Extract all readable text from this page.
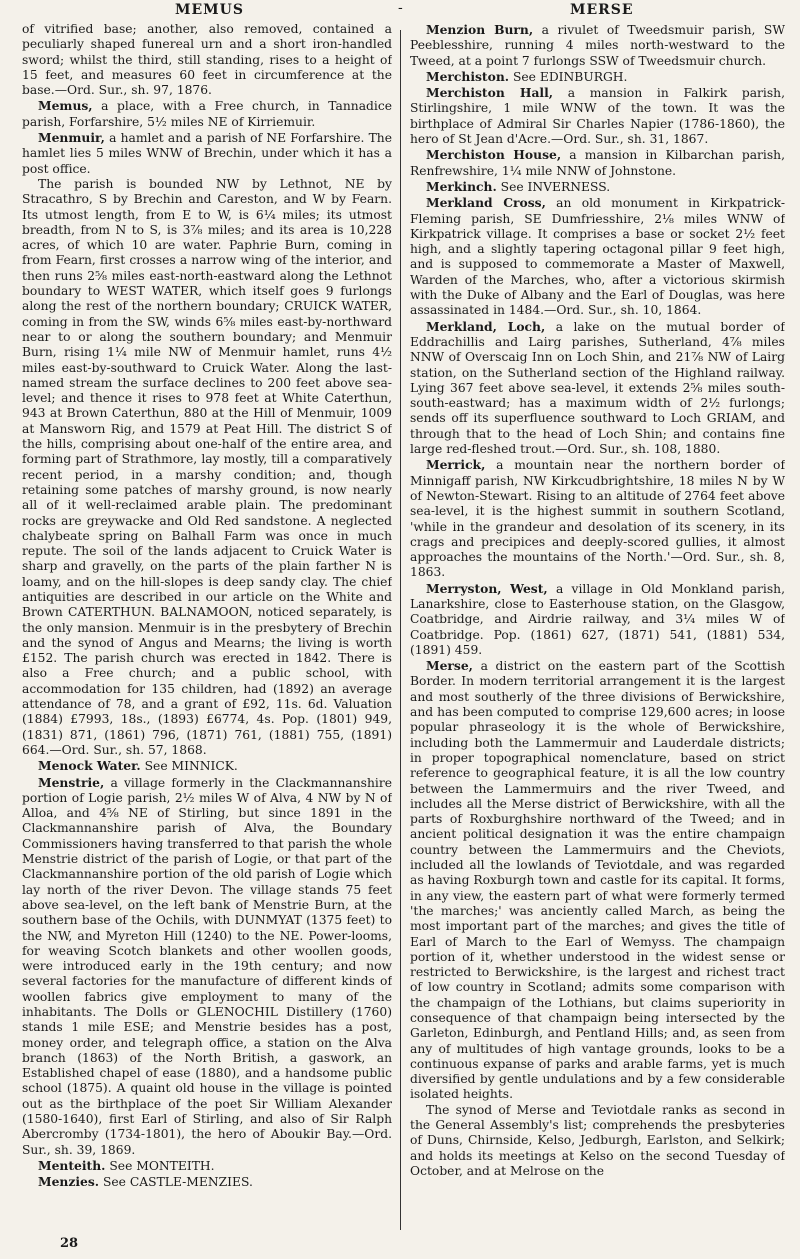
MEMUS	-	MERSE

of vitrified base; another, also removed, contained a peculiarly shaped funereal urn and a short iron-handled sword; whilst the third, still standing, rises to a height of 15 feet, and measures 60 feet in circumference at the base.—Ord. Sur., sh. 97, 1876.

Memus, a place, with a Free church, in Tannadice parish, Forfarshire, 5½ miles NE of Kirriemuir.

Menmuir, a hamlet and a parish of NE Forfarshire. The hamlet lies 5 miles WNW of Brechin, under which it has a post office.

The parish is bounded NW by Lethnot, NE by Stracathro, S by Brechin and Careston, and W by Fearn. Its utmost length, from E to W, is 6¼ miles; its utmost breadth, from N to S, is 3⅞ miles; and its area is 10,228 acres, of which 10 are water. Paphrie Burn, coming in from Fearn, first crosses a narrow wing of the interior, and then runs 2⅝ miles east-north-eastward along the Lethnot boundary to WEST WATER, which itself goes 9 furlongs along the rest of the northern boundary; CRUICK WATER, coming in from the SW, winds 6⅝ miles east-by-northward near to or along the southern boundary; and Menmuir Burn, rising 1¼ mile NW of Menmuir hamlet, runs 4½ miles east-by-southward to Cruick Water. Along the last-named stream the surface declines to 200 feet above sea-level; and thence it rises to 978 feet at White Caterthun, 943 at Brown Caterthun, 880 at the Hill of Menmuir, 1009 at Mansworn Rig, and 1579 at Peat Hill. The district S of the hills, comprising about one-half of the entire area, and forming part of Strathmore, lay mostly, till a comparatively recent period, in a marshy condition; and, though retaining some patches of marshy ground, is now nearly all of it well-reclaimed arable plain. The predominant rocks are greywacke and Old Red sandstone. A neglected chalybeate spring on Balhall Farm was once in much repute. The soil of the lands adjacent to Cruick Water is sharp and gravelly, on the parts of the plain farther N is loamy, and on the hill-slopes is deep sandy clay. The chief antiquities are described in our article on the White and Brown CATERTHUN. BALNAMOON, noticed separately, is the only mansion. Menmuir is in the presbytery of Brechin and the synod of Angus and Mearns; the living is worth £152. The parish church was erected in 1842. There is also a Free church; and a public school, with accommodation for 135 children, had (1892) an average attendance of 78, and a grant of £92, 11s. 6d. Valuation (1884) £7993, 18s., (1893) £6774, 4s. Pop. (1801) 949, (1831) 871, (1861) 796, (1871) 761, (1881) 755, (1891) 664.—Ord. Sur., sh. 57, 1868.

Menock Water. See MINNICK.

Menstrie, a village formerly in the Clackmannanshire portion of Logie parish, 2½ miles W of Alva, 4 NW by N of Alloa, and 4⅝ NE of Stirling, but since 1891 in the Clackmannanshire parish of Alva, the Boundary Commissioners having transferred to that parish the whole Menstrie district of the parish of Logie, or that part of the Clackmannanshire portion of the old parish of Logie which lay north of the river Devon. The village stands 75 feet above sea-level, on the left bank of Menstrie Burn, at the southern base of the Ochils, with DUNMYAT (1375 feet) to the NW, and Myreton Hill (1240) to the NE. Power-looms, for weaving Scotch blankets and other woollen goods, were introduced early in the 19th century; and now several factories for the manufacture of different kinds of woollen fabrics give employment to many of the inhabitants. The Dolls or GLENOCHIL Distillery (1760) stands 1 mile ESE; and Menstrie besides has a post, money order, and telegraph office, a station on the Alva branch (1863) of the North British, a gaswork, an Established chapel of ease (1880), and a handsome public school (1875). A quaint old house in the village is pointed out as the birthplace of the poet Sir William Alexander (1580-1640), first Earl of Stirling, and also of Sir Ralph Abercromby (1734-1801), the hero of Aboukir Bay.—Ord. Sur., sh. 39, 1869.

Menteith. See MONTEITH.

Menzies. See CASTLE-MENZIES.

Menzion Burn, a rivulet of Tweedsmuir parish, SW Peeblesshire, running 4 miles north-westward to the Tweed, at a point 7 furlongs SSW of Tweedsmuir church.

Merchiston. See EDINBURGH.

Merchiston Hall, a mansion in Falkirk parish, Stirlingshire, 1 mile WNW of the town. It was the birthplace of Admiral Sir Charles Napier (1786-1860), the hero of St Jean d'Acre.—Ord. Sur., sh. 31, 1867.

Merchiston House, a mansion in Kilbarchan parish, Renfrewshire, 1¼ mile NNW of Johnstone.

Merkinch. See INVERNESS.

Merkland Cross, an old monument in Kirkpatrick-Fleming parish, SE Dumfriesshire, 2⅛ miles WNW of Kirkpatrick village. It comprises a base or socket 2½ feet high, and a slightly tapering octagonal pillar 9 feet high, and is supposed to commemorate a Master of Maxwell, Warden of the Marches, who, after a victorious skirmish with the Duke of Albany and the Earl of Douglas, was here assassinated in 1484.—Ord. Sur., sh. 10, 1864.

Merkland, Loch, a lake on the mutual border of Eddrachillis and Lairg parishes, Sutherland, 4⅞ miles NNW of Overscaig Inn on Loch Shin, and 21⅞ NW of Lairg station, on the Sutherland section of the Highland railway. Lying 367 feet above sea-level, it extends 2⅝ miles south-south-eastward; has a maximum width of 2½ furlongs; sends off its superfluence southward to Loch GRIAM, and through that to the head of Loch Shin; and contains fine large red-fleshed trout.—Ord. Sur., sh. 108, 1880.

Merrick, a mountain near the northern border of Minnigaff parish, NW Kirkcudbrightshire, 18 miles N by W of Newton-Stewart. Rising to an altitude of 2764 feet above sea-level, it is the highest summit in southern Scotland, 'while in the grandeur and desolation of its scenery, in its crags and precipices and deeply-scored gullies, it almost approaches the mountains of the North.'—Ord. Sur., sh. 8, 1863.

Merryston, West, a village in Old Monkland parish, Lanarkshire, close to Easterhouse station, on the Glasgow, Coatbridge, and Airdrie railway, and 3¼ miles W of Coatbridge. Pop. (1861) 627, (1871) 541, (1881) 534, (1891) 459.

Merse, a district on the eastern part of the Scottish Border. In modern territorial arrangement it is the largest and most southerly of the three divisions of Berwickshire, and has been computed to comprise 129,600 acres; in loose popular phraseology it is the whole of Berwickshire, including both the Lammermuir and Lauderdale districts; in proper topographical nomenclature, based on strict reference to geographical feature, it is all the low country between the Lammermuirs and the river Tweed, and includes all the Merse district of Berwickshire, with all the parts of Roxburghshire northward of the Tweed; and in ancient political designation it was the entire champaign country between the Lammermuirs and the Cheviots, included all the lowlands of Teviotdale, and was regarded as having Roxburgh town and castle for its capital. It forms, in any view, the eastern part of what were formerly termed 'the marches;' was anciently called March, as being the most important part of the marches; and gives the title of Earl of March to the Earl of Wemyss. The champaign portion of it, whether understood in the widest sense or restricted to Berwickshire, is the largest and richest tract of low country in Scotland; admits some comparison with the champaign of the Lothians, but claims superiority in consequence of that champaign being intersected by the Garleton, Edinburgh, and Pentland Hills; and, as seen from any of multitudes of high vantage grounds, looks to be a continuous expanse of parks and arable farms, yet is much diversified by gentle undulations and by a few considerable isolated heights.

The synod of Merse and Teviotdale ranks as second in the General Assembly's list; comprehends the presbyteries of Duns, Chirnside, Kelso, Jedburgh, Earlston, and Selkirk; and holds its meetings at Kelso on the second Tuesday of October, and at Melrose on the

28
